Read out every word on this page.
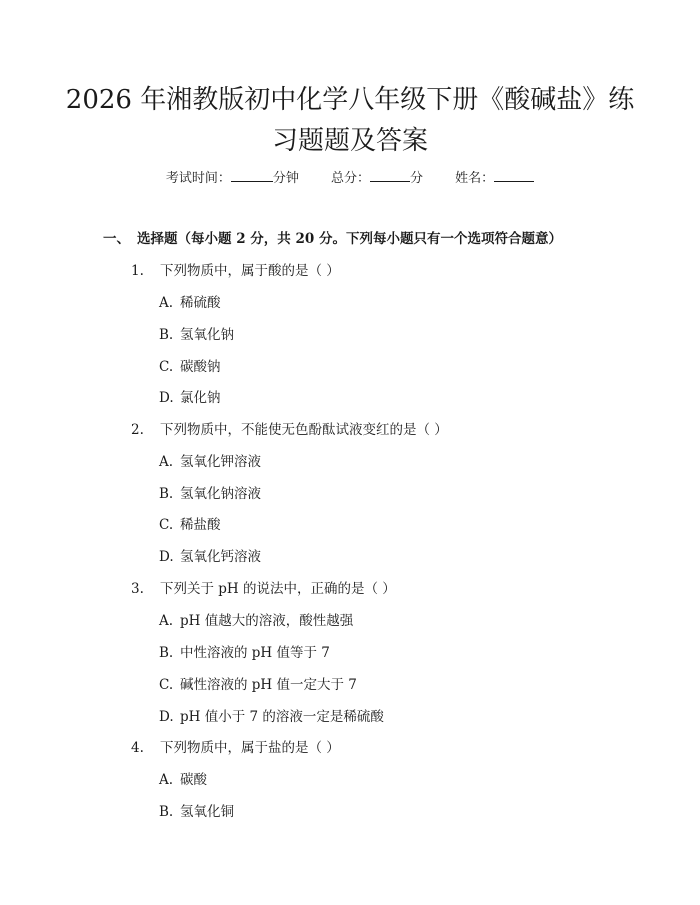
2026 年湘教版初中化学八年级下册《酸碱盐》练习题题及答案
考试时间：	分钟 总分：	分 姓名：
一、 选择题（每小题 2 分，共 20 分。下列每小题只有一个选项符合题意）
1. 下列物质中，属于酸的是（ ）
A. 稀硫酸
B. 氢氧化钠
C. 碳酸钠
D. 氯化钠
2. 下列物质中，不能使无色酚酞试液变红的是（ ）
A. 氢氧化钾溶液
B. 氢氧化钠溶液
C. 稀盐酸
D. 氢氧化钙溶液
3. 下列关于 pH 的说法中，正确的是（ ）
A. pH 值越大的溶液，酸性越强
B. 中性溶液的 pH 值等于 7
C. 碱性溶液的 pH 值一定大于 7
D. pH 值小于 7 的溶液一定是稀硫酸
4. 下列物质中，属于盐的是（ ）
A. 碳酸
B. 氢氧化铜
